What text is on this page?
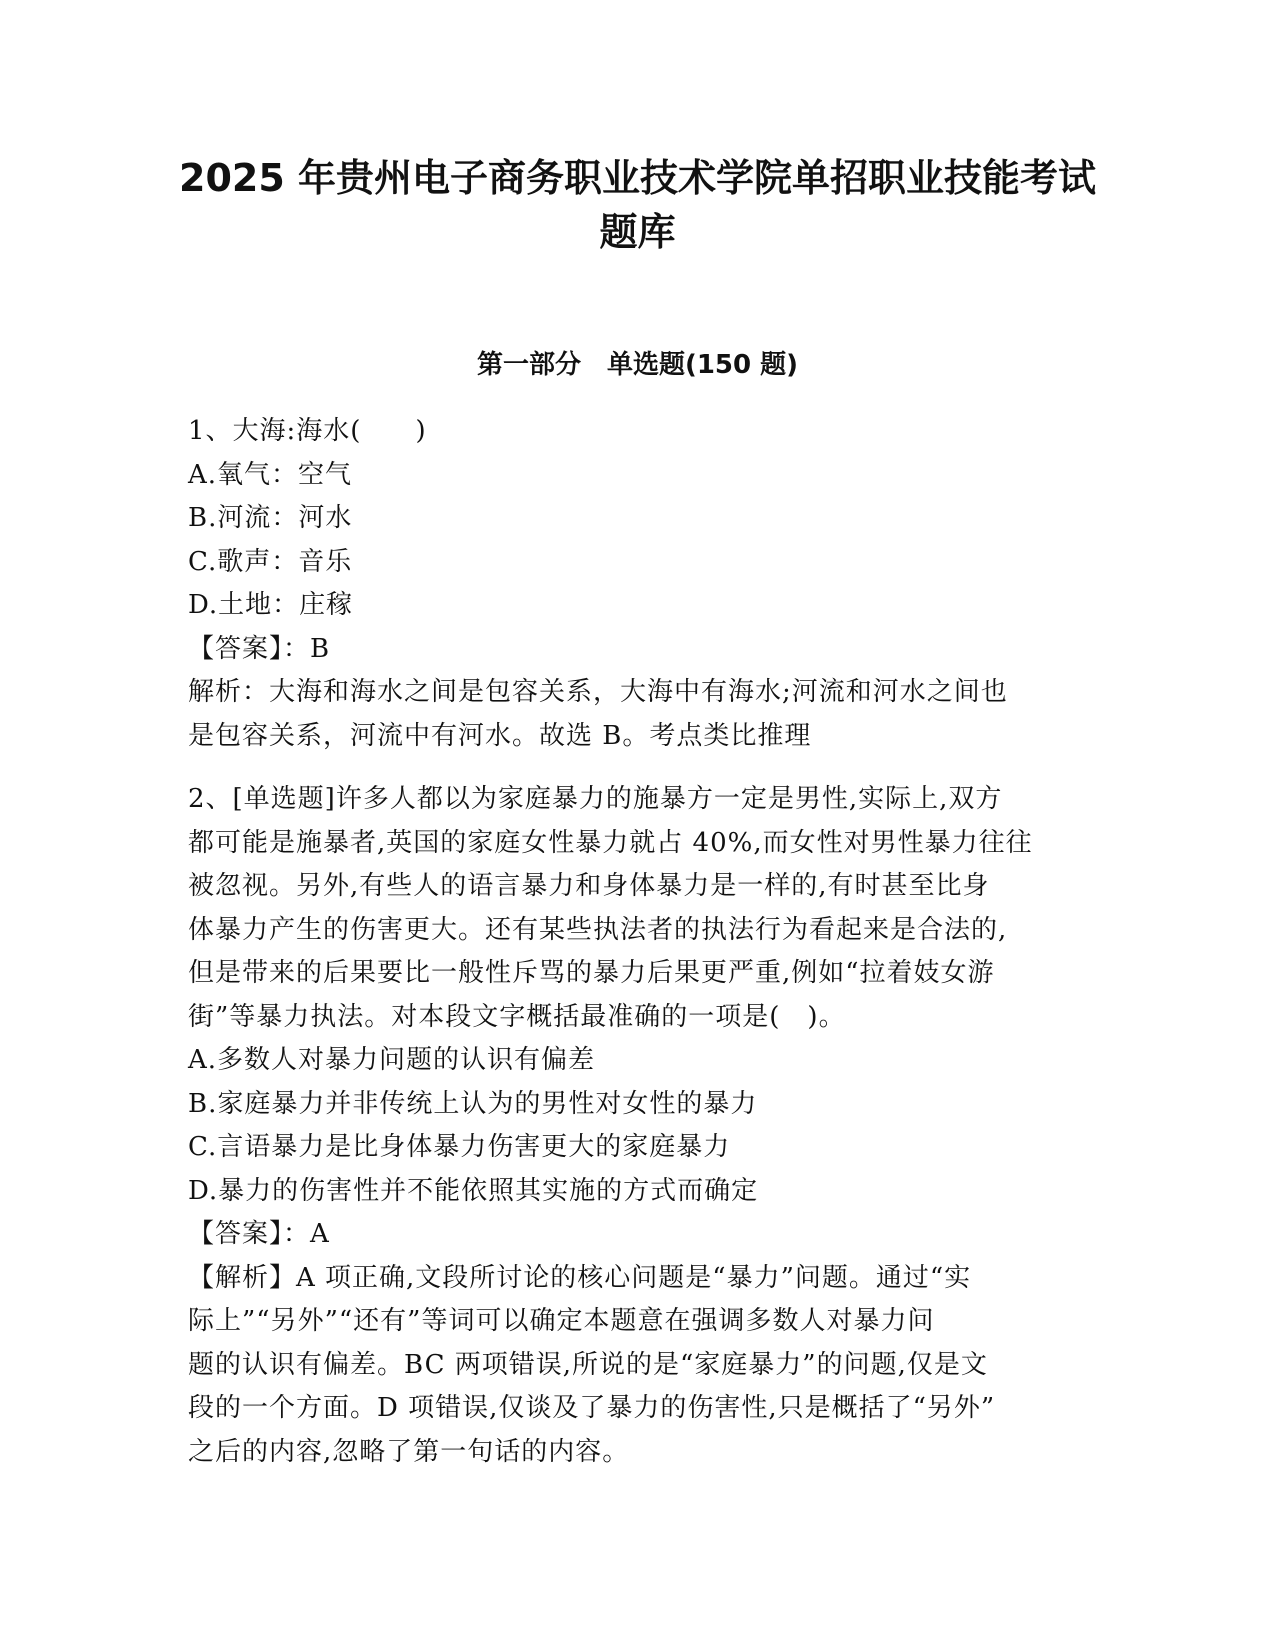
2025 年贵州电子商务职业技术学院单招职业技能考试
题库
第一部分　单选题(150 题)
1、大海:海水(　　)
A.氧气：空气
B.河流：河水
C.歌声：音乐
D.土地：庄稼
【答案】：B
解析：大海和海水之间是包容关系，大海中有海水;河流和河水之间也
是包容关系，河流中有河水。故选 B。考点类比推理
2、[单选题]许多人都以为家庭暴力的施暴方一定是男性,实际上,双方
都可能是施暴者,英国的家庭女性暴力就占 40%,而女性对男性暴力往往
被忽视。另外,有些人的语言暴力和身体暴力是一样的,有时甚至比身
体暴力产生的伤害更大。还有某些执法者的执法行为看起来是合法的,
但是带来的后果要比一般性斥骂的暴力后果更严重,例如“拉着妓女游
街”等暴力执法。对本段文字概括最准确的一项是(　)。
A.多数人对暴力问题的认识有偏差
B.家庭暴力并非传统上认为的男性对女性的暴力
C.言语暴力是比身体暴力伤害更大的家庭暴力
D.暴力的伤害性并不能依照其实施的方式而确定
【答案】：A
【解析】A 项正确,文段所讨论的核心问题是“暴力”问题。通过“实
际上”“另外”“还有”等词可以确定本题意在强调多数人对暴力问
题的认识有偏差。BC 两项错误,所说的是“家庭暴力”的问题,仅是文
段的一个方面。D 项错误,仅谈及了暴力的伤害性,只是概括了“另外”
之后的内容,忽略了第一句话的内容。
